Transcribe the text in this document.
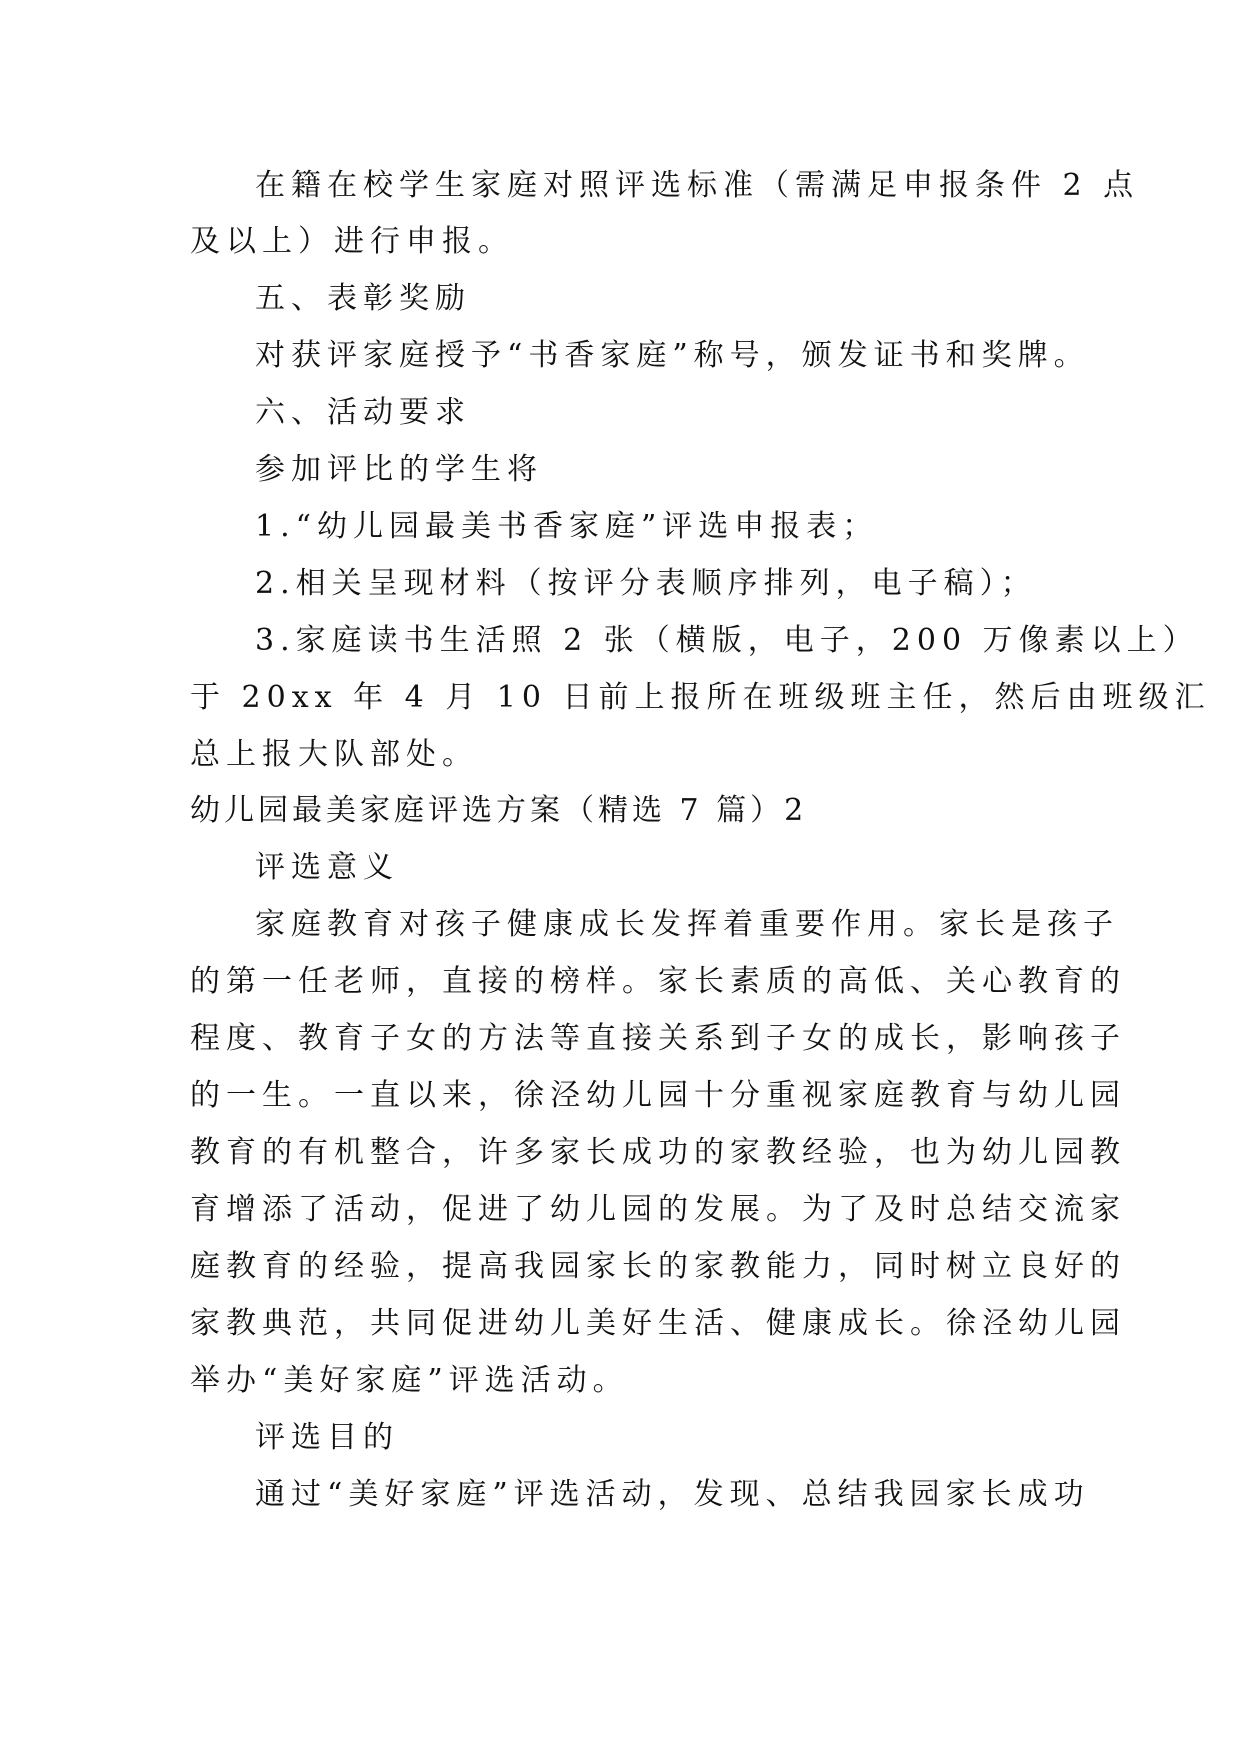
在籍在校学生家庭对照评选标准（需满足申报条件 2 点
及以上）进行申报。
五、表彰奖励
对获评家庭授予“书香家庭”称号，颁发证书和奖牌。
六、活动要求
参加评比的学生将
1.“幼儿园最美书香家庭”评选申报表；
2.相关呈现材料（按评分表顺序排列，电子稿）；
3.家庭读书生活照 2 张（横版，电子，200 万像素以上）
于 20xx 年 4 月 10 日前上报所在班级班主任，然后由班级汇
总上报大队部处。
幼儿园最美家庭评选方案（精选 7 篇）2
评选意义
家庭教育对孩子健康成长发挥着重要作用。家长是孩子
的第一任老师，直接的榜样。家长素质的高低、关心教育的
程度、教育子女的方法等直接关系到子女的成长，影响孩子
的一生。一直以来，徐泾幼儿园十分重视家庭教育与幼儿园
教育的有机整合，许多家长成功的家教经验，也为幼儿园教
育增添了活动，促进了幼儿园的发展。为了及时总结交流家
庭教育的经验，提高我园家长的家教能力，同时树立良好的
家教典范，共同促进幼儿美好生活、健康成长。徐泾幼儿园
举办“美好家庭”评选活动。
评选目的
通过“美好家庭”评选活动，发现、总结我园家长成功
